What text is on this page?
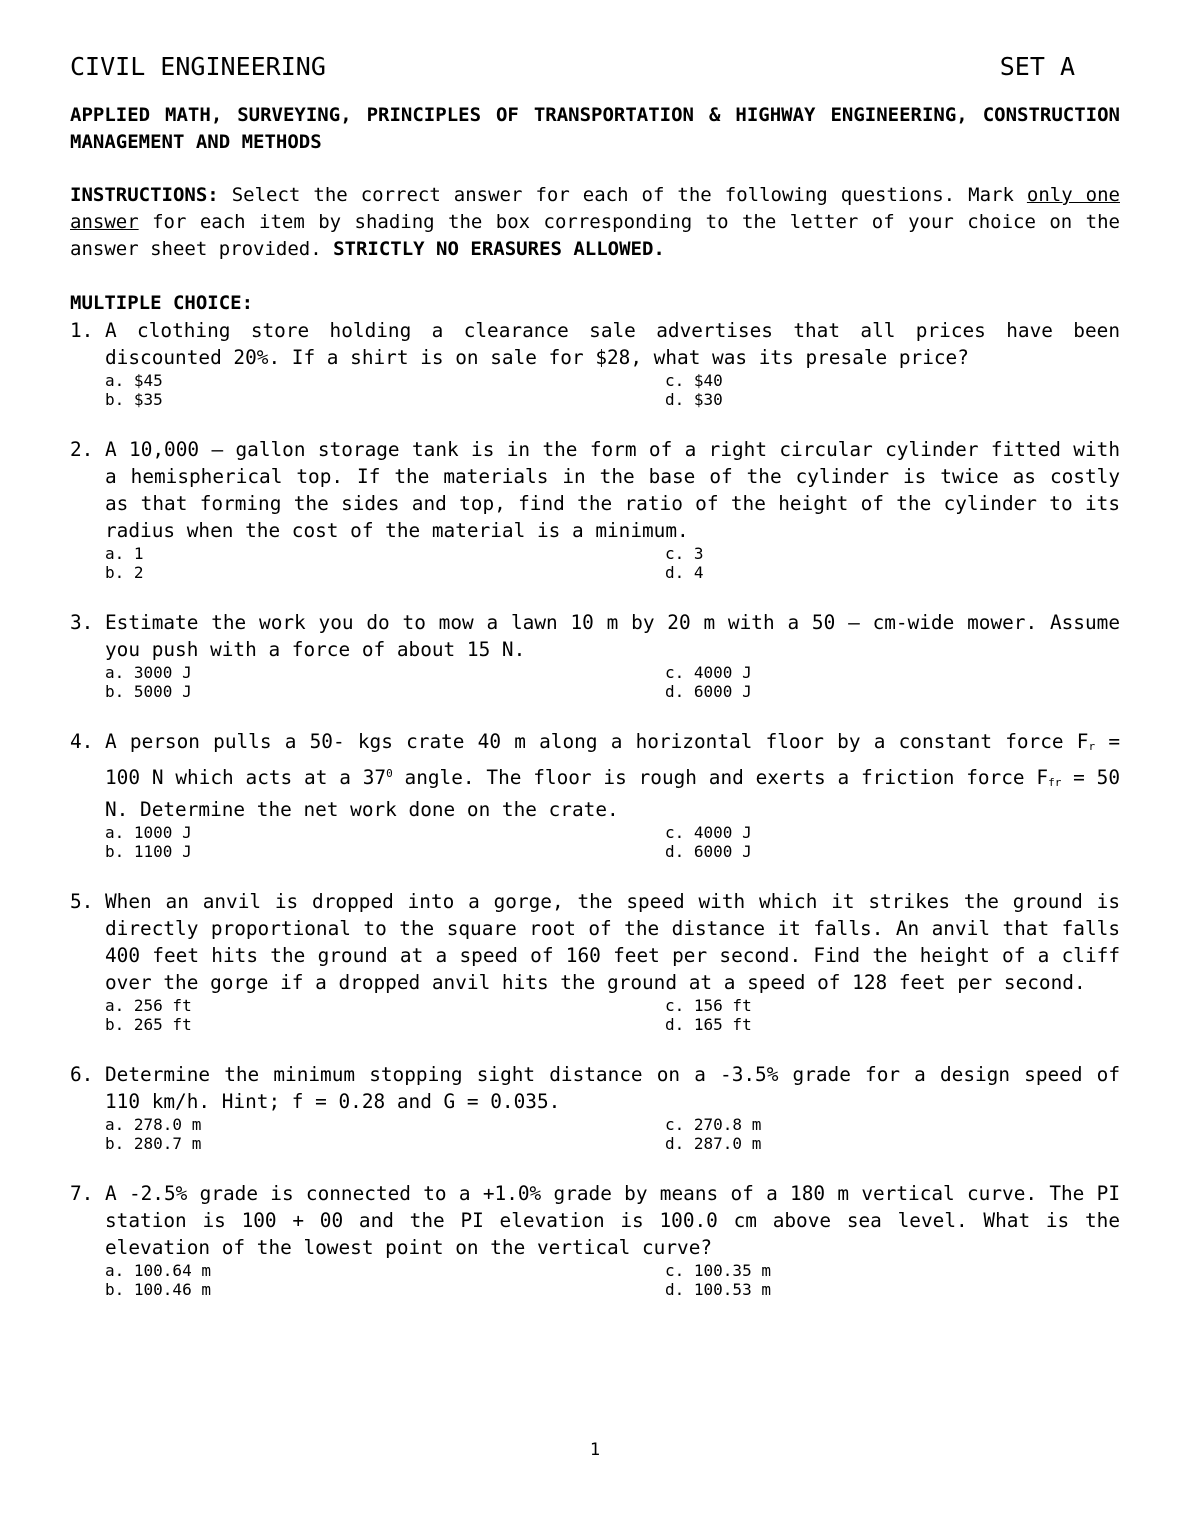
CIVIL ENGINEERING	SET A
APPLIED MATH, SURVEYING, PRINCIPLES OF TRANSPORTATION & HIGHWAY ENGINEERING, CONSTRUCTION MANAGEMENT AND METHODS
INSTRUCTIONS: Select the correct answer for each of the following questions. Mark only one answer for each item by shading the box corresponding to the letter of your choice on the answer sheet provided. STRICTLY NO ERASURES ALLOWED.
MULTIPLE CHOICE:
1. A clothing store holding a clearance sale advertises that all prices have been discounted 20%. If a shirt is on sale for $28, what was its presale price?
a. $45	c. $40
b. $35	d. $30
2. A 10,000 – gallon storage tank is in the form of a right circular cylinder fitted with a hemispherical top. If the materials in the base of the cylinder is twice as costly as that forming the sides and top, find the ratio of the height of the cylinder to its radius when the cost of the material is a minimum.
a. 1	c. 3
b. 2	d. 4
3. Estimate the work you do to mow a lawn 10 m by 20 m with a 50 – cm-wide mower. Assume you push with a force of about 15 N.
a. 3000 J	c. 4000 J
b. 5000 J	d. 6000 J
4. A person pulls a 50- kgs crate 40 m along a horizontal floor by a constant force Fr = 100 N which acts at a $37^0$ angle. The floor is rough and exerts a friction force Ffr = 50 N. Determine the net work done on the crate.
a. 1000 J	c. 4000 J
b. 1100 J	d. 6000 J
5. When an anvil is dropped into a gorge, the speed with which it strikes the ground is directly proportional to the square root of the distance it falls. An anvil that falls 400 feet hits the ground at a speed of 160 feet per second. Find the height of a cliff over the gorge if a dropped anvil hits the ground at a speed of 128 feet per second.
a. 256 ft	c. 156 ft
b. 265 ft	d. 165 ft
6. Determine the minimum stopping sight distance on a -3.5% grade for a design speed of 110 km/h. Hint; f = 0.28 and G = 0.035.
a. 278.0 m	c. 270.8 m
b. 280.7 m	d. 287.0 m
7. A -2.5% grade is connected to a +1.0% grade by means of a 180 m vertical curve. The PI station is 100 + 00 and the PI elevation is 100.0 cm above sea level. What is the elevation of the lowest point on the vertical curve?
a. 100.64 m	c. 100.35 m
b. 100.46 m	d. 100.53 m
1
